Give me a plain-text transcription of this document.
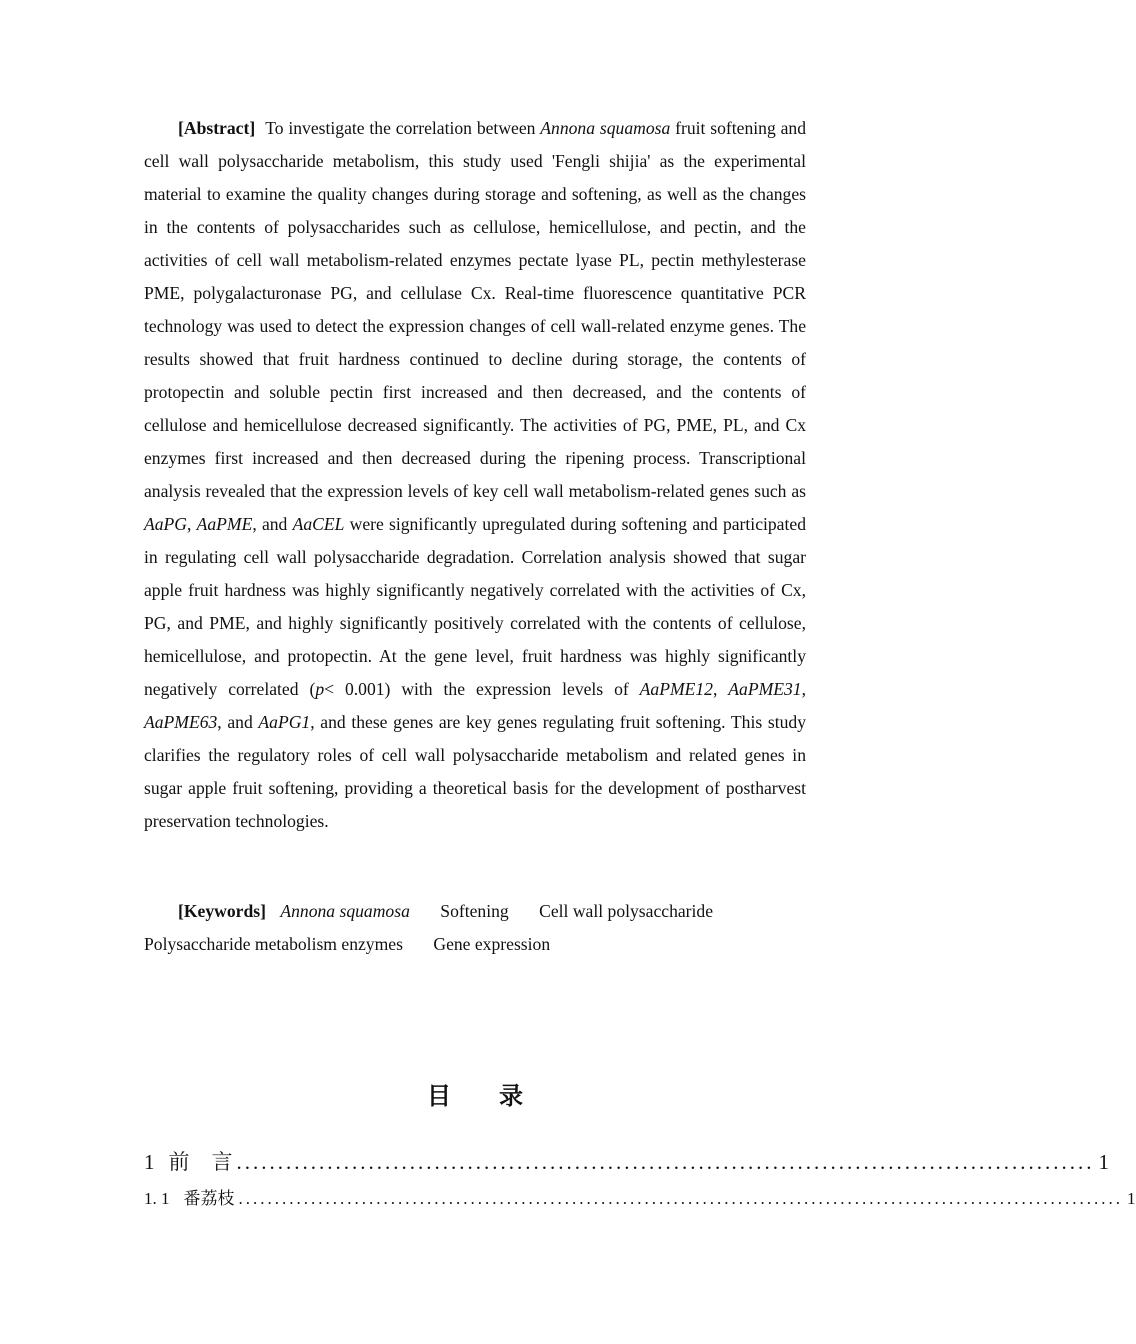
[Abstract] To investigate the correlation between Annona squamosa fruit softening and cell wall polysaccharide metabolism, this study used 'Fengli shijia' as the experimental material to examine the quality changes during storage and softening, as well as the changes in the contents of polysaccharides such as cellulose, hemicellulose, and pectin, and the activities of cell wall metabolism-related enzymes pectate lyase PL, pectin methylesterase PME, polygalacturonase PG, and cellulase Cx. Real-time fluorescence quantitative PCR technology was used to detect the expression changes of cell wall-related enzyme genes. The results showed that fruit hardness continued to decline during storage, the contents of protopectin and soluble pectin first increased and then decreased, and the contents of cellulose and hemicellulose decreased significantly. The activities of PG, PME, PL, and Cx enzymes first increased and then decreased during the ripening process. Transcriptional analysis revealed that the expression levels of key cell wall metabolism-related genes such as AaPG, AaPME, and AaCEL were significantly upregulated during softening and participated in regulating cell wall polysaccharide degradation. Correlation analysis showed that sugar apple fruit hardness was highly significantly negatively correlated with the activities of Cx, PG, and PME, and highly significantly positively correlated with the contents of cellulose, hemicellulose, and protopectin. At the gene level, fruit hardness was highly significantly negatively correlated (p< 0.001) with the expression levels of AaPME12, AaPME31, AaPME63, and AaPG1, and these genes are key genes regulating fruit softening. This study clarifies the regulatory roles of cell wall polysaccharide metabolism and related genes in sugar apple fruit softening, providing a theoretical basis for the development of postharvest preservation technologies.

[Keywords] Annona squamosa Softening Cell wall polysaccharide Polysaccharide metabolism enzymes Gene expression

目录
1 前言
........................................................................................................ 1
1. 1 番荔枝 .......................................................................................................................... 1
